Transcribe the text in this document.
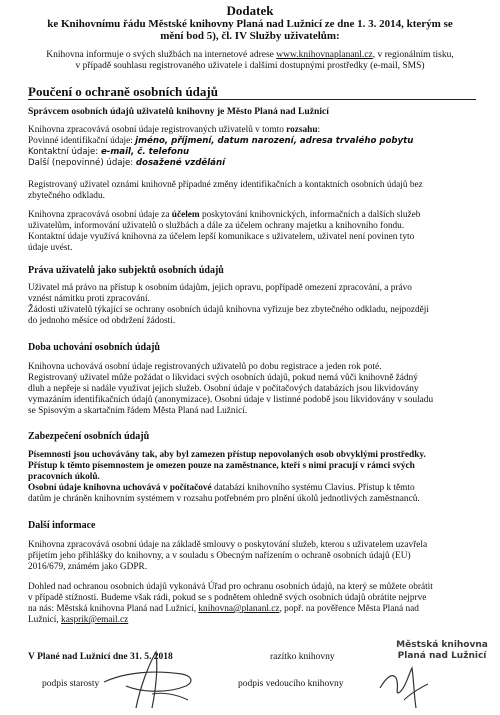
Dodatek
ke Knihovnímu řádu Městské knihovny Planá nad Lužnicí ze dne 1. 3. 2014, kterým se
mění bod 5), čl. IV Služby uživatelům:
Knihovna informuje o svých službách na internetové adrese www.knihovnaplananl.cz, v regionálním tisku,
v případě souhlasu registrovaného uživatele i dalšími dostupnými prostředky (e-mail, SMS)
Poučení o ochraně osobních údajů
Správcem osobních údajů uživatelů knihovny je Město Planá nad Lužnicí
Knihovna zpracovává osobní údaje registrovaných uživatelů v tomto rozsahu:
Povinné identifikační údaje: jméno, příjmení, datum narození, adresa trvalého pobytu
Kontaktní údaje: e-mail, č. telefonu
Další (nepovinné) údaje: dosažené vzdělání
Registrovaný uživatel oznámí knihovně případné změny identifikačních a kontaktních osobních údajů bez
zbytečného odkladu.
Knihovna zpracovává osobní údaje za účelem poskytování knihovnických, informačních a dalších služeb
uživatelům, informování uživatelů o službách a dále za účelem ochrany majetku a knihovního fondu.
Kontaktní údaje využívá knihovna za účelem lepší komunikace s uživatelem, uživatel není povinen tyto
údaje uvést.
Práva uživatelů jako subjektů osobních údajů
Uživatel má právo na přístup k osobním údajům, jejich opravu, popřípadě omezení zpracování, a právo
vznést námitku proti zpracování.
Žádosti uživatelů týkající se ochrany osobních údajů knihovna vyřizuje bez zbytečného odkladu, nejpozději
do jednoho měsíce od obdržení žádosti.
Doba uchování osobních údajů
Knihovna uchovává osobní údaje registrovaných uživatelů po dobu registrace a jeden rok poté.
Registrovaný uživatel může požádat o likvidaci svých osobních údajů, pokud nemá vůči knihovně žádný
dluh a nepřeje si nadále využívat jejich služeb. Osobní údaje v počítačových databázích jsou likvidovány
vymazáním identifikačních údajů (anonymizace). Osobní údaje v listinné podobě jsou likvidovány v souladu
se Spisovým a skartačním řádem Města Planá nad Lužnicí.
Zabezpečení osobních údajů
Písemnosti jsou uchovávány tak, aby byl zamezen přístup nepovolaných osob obvyklými prostředky.
Přístup k těmto písemnostem je omezen pouze na zaměstnance, kteří s nimi pracují v rámci svých
pracovních úkolů.
Osobní údaje knihovna uchovává v počítačové databázi knihovního systému Clavius. Přístup k těmto
datům je chráněn knihovním systémem v rozsahu potřebném pro plnění úkolů jednotlivých zaměstnanců.
Další informace
Knihovna zpracovává osobní údaje na základě smlouvy o poskytování služeb, kterou s uživatelem uzavřela
přijetím jeho přihlášky do knihovny, a v souladu s Obecným nařízením o ochraně osobních údajů (EU)
2016/679, známém jako GDPR.
Dohled nad ochranou osobních údajů vykonává Úřad pro ochranu osobních údajů, na který se můžete obrátit
v případě stížnosti. Budeme však rádi, pokud se s podnětem ohledně svých osobních údajů obrátíte nejprve
na nás: Městská knihovna Planá nad Lužnicí, knihovna@plananl.cz, popř. na pověřence Města Planá nad
Lužnicí, kasprik@email.cz
V Plané nad Lužnicí dne 31. 5. 2018	razítko knihovny
podpis starosty	podpis vedoucího knihovny
Městská knihovna
Planá nad Lužnicí
